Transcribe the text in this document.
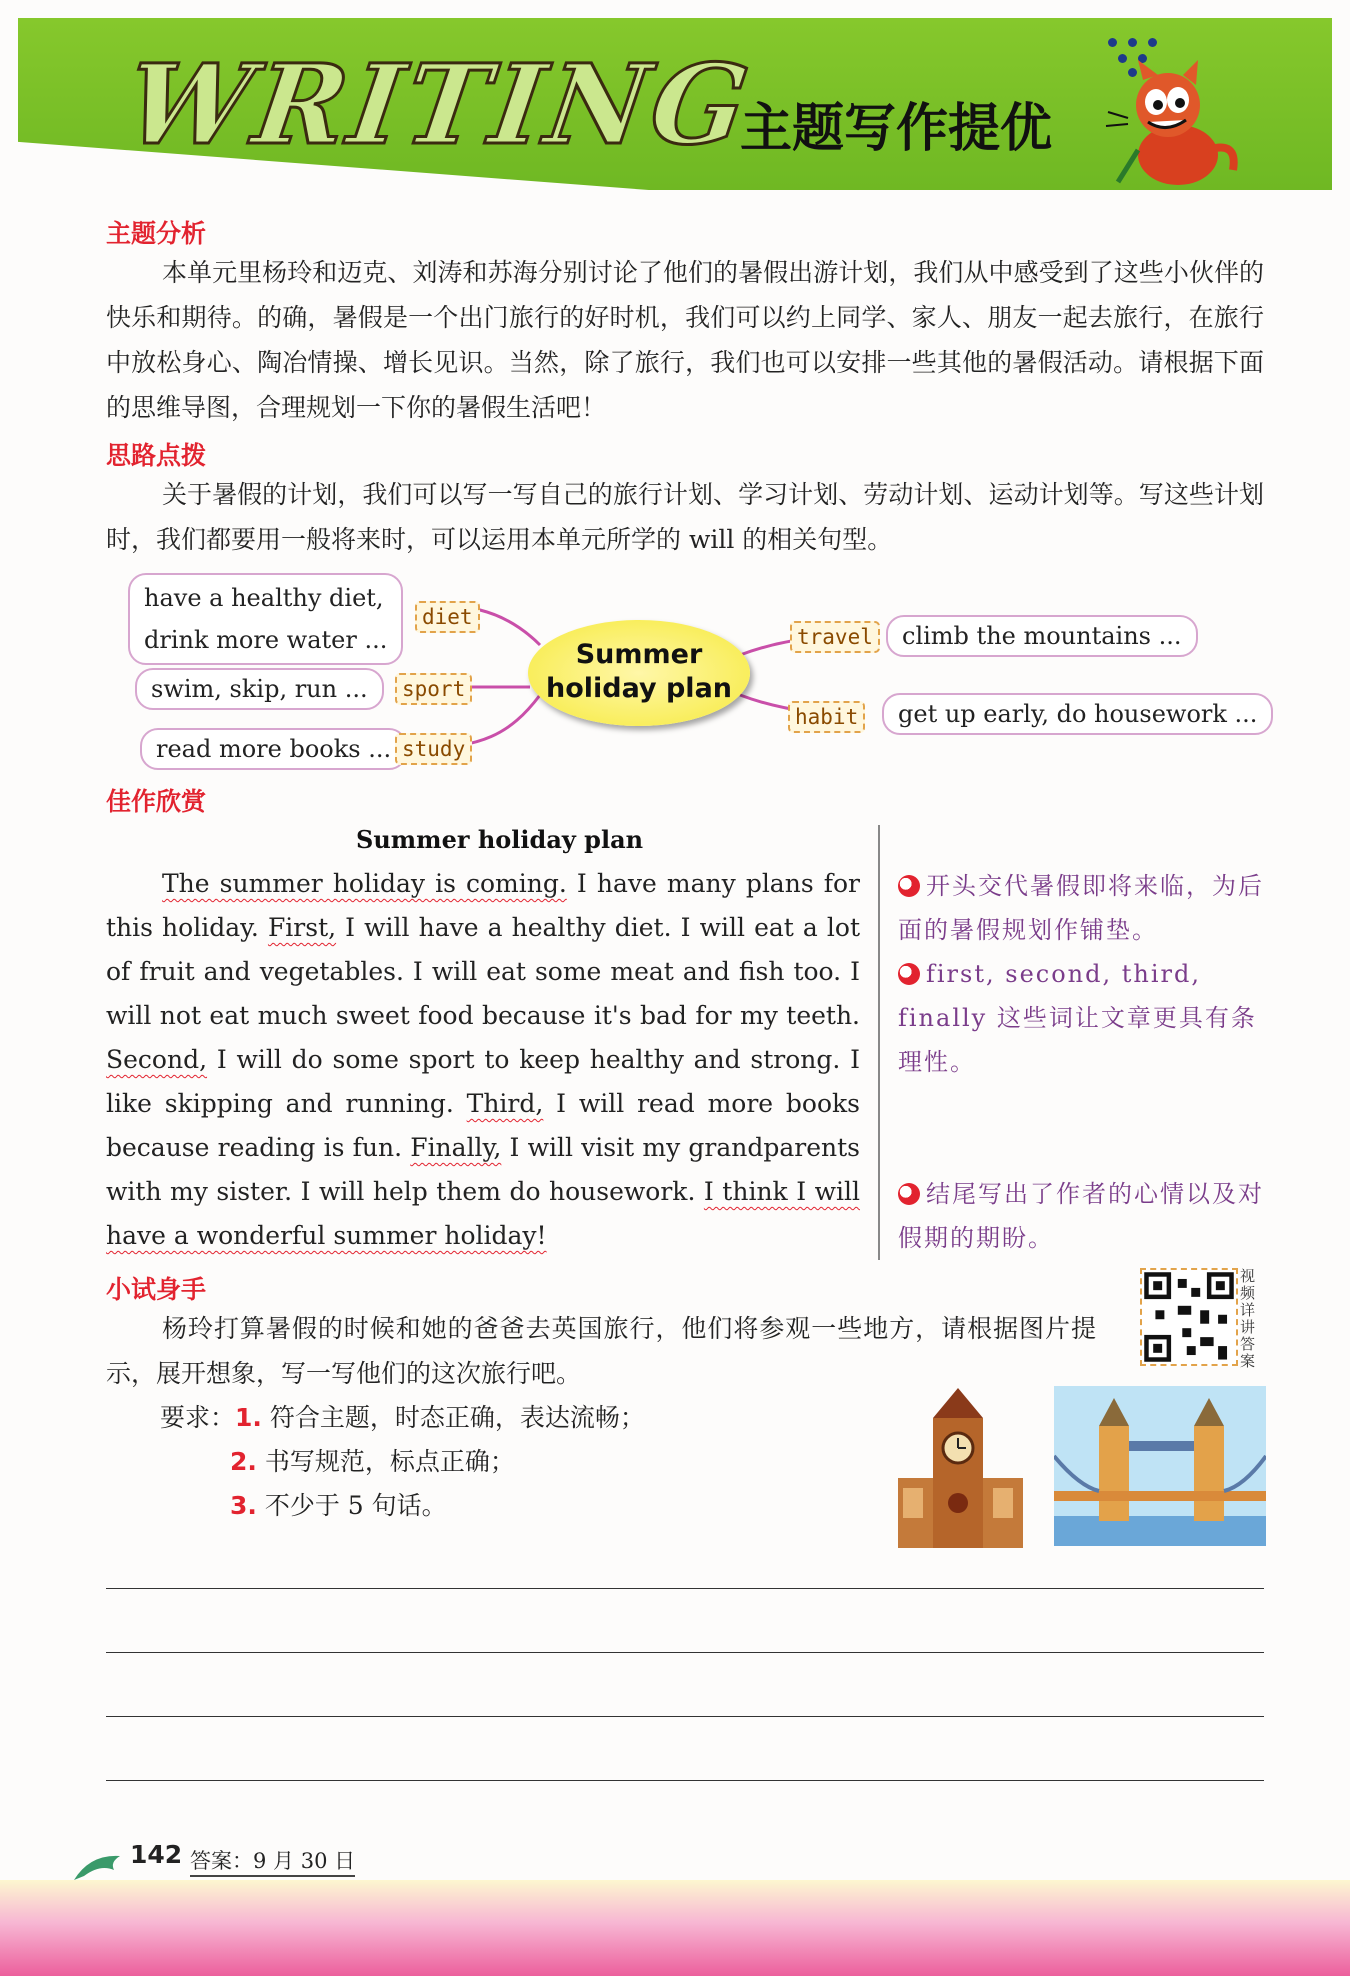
WRITING
主题写作提优
主题分析

本单元里杨玲和迈克、刘涛和苏海分别讨论了他们的暑假出游计划，我们从中感受到了这些小伙伴的快乐和期待。的确，暑假是一个出门旅行的好时机，我们可以约上同学、家人、朋友一起去旅行，在旅行中放松身心、陶冶情操、增长见识。当然，除了旅行，我们也可以安排一些其他的暑假活动。请根据下面的思维导图，合理规划一下你的暑假生活吧！

思路点拨

关于暑假的计划，我们可以写一写自己的旅行计划、学习计划、劳动计划、运动计划等。写这些计划时，我们都要用一般将来时，可以运用本单元所学的 will 的相关句型。

have a healthy diet,
drink more water ...
diet
swim, skip, run ...	sport
read more books ... study
Summer
holiday plan
travel	climb the mountains ...
habit	get up early, do housework ...
佳作欣赏
Summer holiday plan
The summer holiday is coming. I have many plans for this holiday. First, I will have a healthy diet. I will eat a lot of fruit and vegetables. I will eat some meat and fish too. I will not eat much sweet food because it's bad for my teeth. Second, I will do some sport to keep healthy and strong. I like skipping and running. Third, I will read more books because reading is fun. Finally, I will visit my grandparents with my sister. I will help them do housework. I think I will have a wonderful summer holiday!
开头交代暑假即将来临，为后面的暑假规划作铺垫。
first, second, third, finally 这些词让文章更具有条理性。
结尾写出了作者的心情以及对假期的期盼。
小试身手

杨玲打算暑假的时候和她的爸爸去英国旅行，他们将参观一些地方，请根据图片提示，展开想象，写一写他们的这次旅行吧。

视频详讲答案
要求：1. 符合主题，时态正确，表达流畅；
2. 书写规范，标点正确；
3. 不少于 5 句话。
142 答案：9 月 30 日
